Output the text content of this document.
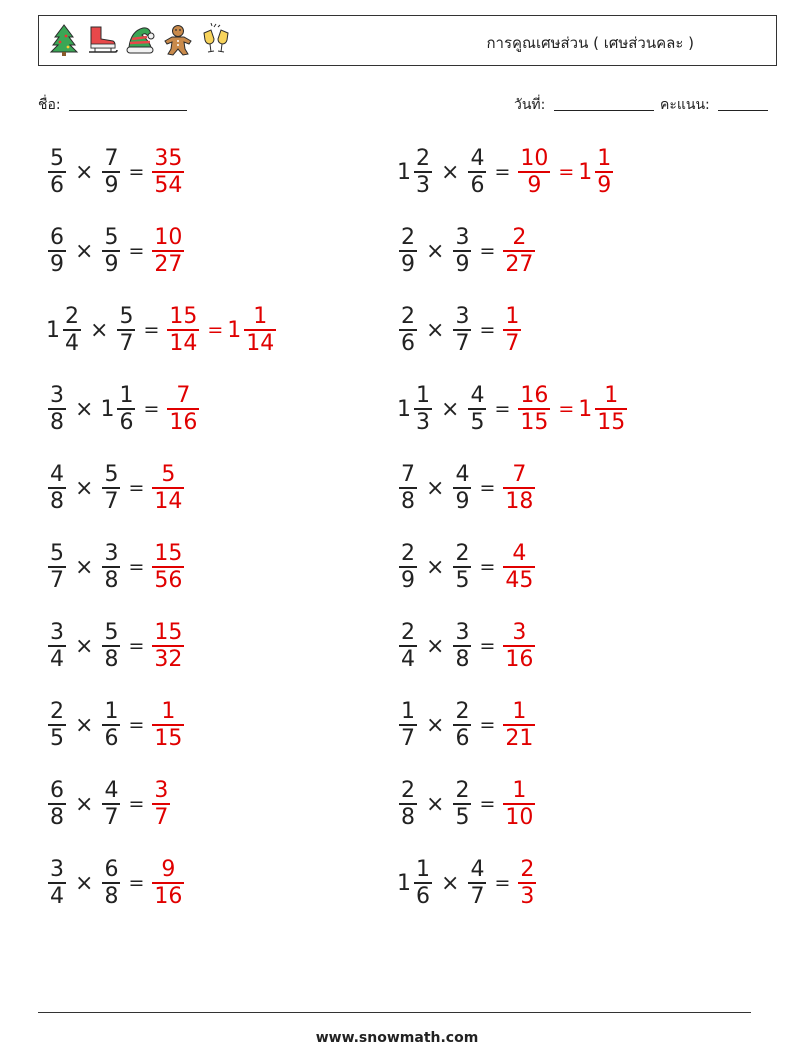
การคูณเศษส่วน ( เศษส่วนคละ )
ชื่อ:	วันที่:	คะแนน:
$\frac{5}{6} \times \frac{7}{9} = \frac{35}{54}$	$1 \frac{2}{3} \times \frac{4}{6} = \frac{10}{9} = 1 \frac{1}{9}$
$\frac{6}{9} \times \frac{5}{9} = \frac{10}{27}$	$\frac{2}{9} \times \frac{3}{9} = \frac{2}{27}$
$1 \frac{2}{4} \times \frac{5}{7} = \frac{15}{14} = 1 \frac{1}{14}$	$\frac{2}{6} \times \frac{3}{7} = \frac{1}{7}$
$\frac{3}{8} \times 1 \frac{1}{6} = \frac{7}{16}$	$1 \frac{1}{3} \times \frac{4}{5} = \frac{16}{15} = 1 \frac{1}{15}$
$\frac{4}{8} \times \frac{5}{7} = \frac{5}{14}$	$\frac{7}{8} \times \frac{4}{9} = \frac{7}{18}$
$\frac{5}{7} \times \frac{3}{8} = \frac{15}{56}$	$\frac{2}{9} \times \frac{2}{5} = \frac{4}{45}$
$\frac{3}{4} \times \frac{5}{8} = \frac{15}{32}$	$\frac{2}{4} \times \frac{3}{8} = \frac{3}{16}$
$\frac{2}{5} \times \frac{1}{6} = \frac{1}{15}$	$\frac{1}{7} \times \frac{2}{6} = \frac{1}{21}$
$\frac{6}{8} \times \frac{4}{7} = \frac{3}{7}$	$\frac{2}{8} \times \frac{2}{5} = \frac{1}{10}$
$\frac{3}{4} \times \frac{6}{8} = \frac{9}{16}$	$1 \frac{1}{6} \times \frac{4}{7} = \frac{2}{3}$
www.snowmath.com
